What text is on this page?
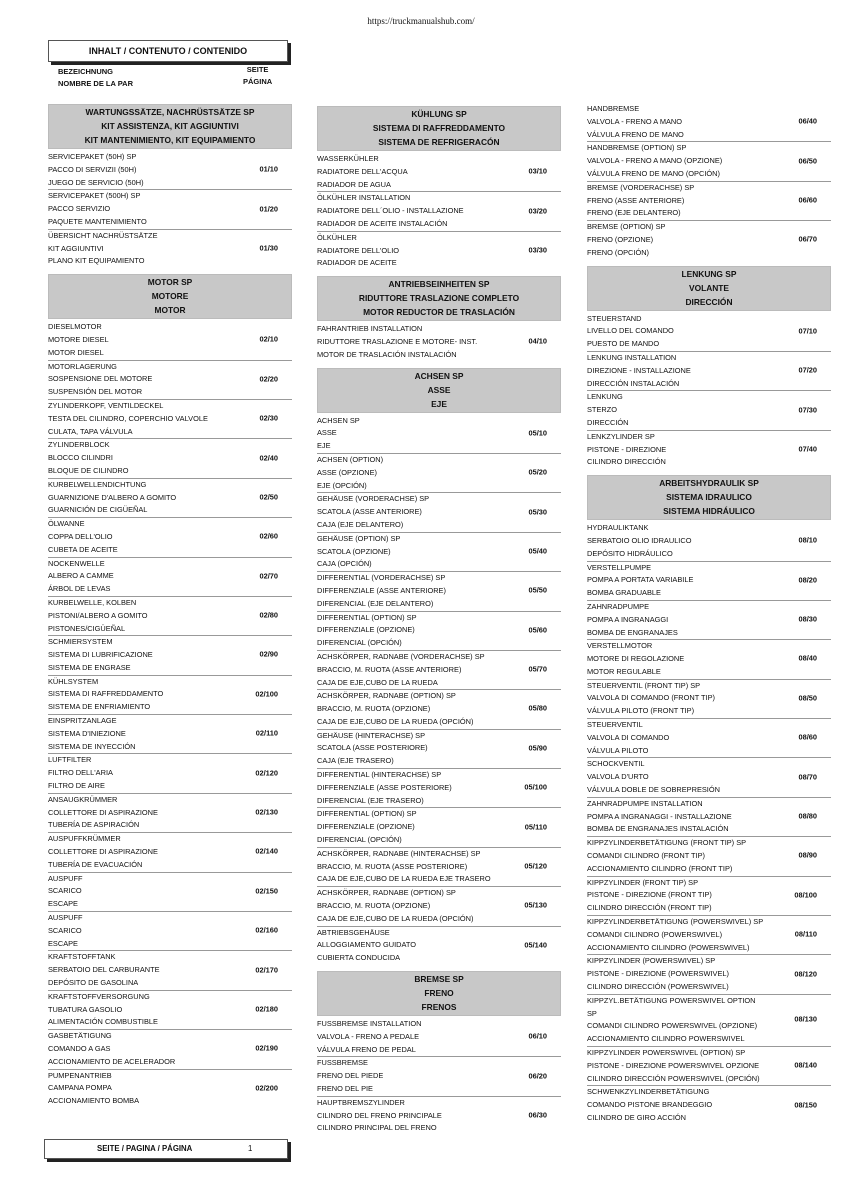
https://truckmanualshub.com/
INHALT / CONTENUTO / CONTENIDO
BEZEICHNUNG
NOMBRE DE LA PAR
SEITE
PÁGINA
WARTUNGSSÄTZE, NACHRÜSTSÄTZE SP
KIT ASSISTENZA, KIT AGGIUNTIVI
KIT MANTENIMIENTO, KIT EQUIPAMIENTO
SERVICEPAKET (50H) SP
PACCO DI SERVIZII (50H)
JUEGO DE SERVICIO (50H)
01/10
SERVICEPAKET (500H) SP
PACCO SERVIZIO
PAQUETE MANTENIMIENTO
01/20
ÜBERSICHT NACHRÜSTSÄTZE
KIT AGGIUNTIVI
PLANO KIT EQUIPAMIENTO
01/30
MOTOR SP
MOTORE
MOTOR
DIESELMOTOR
MOTORE DIESEL
MOTOR DIESEL
02/10
MOTORLAGERUNG
SOSPENSIONE DEL MOTORE
SUSPENSIÓN DEL MOTOR
02/20
ZYLINDERKOPF, VENTILDECKEL
TESTA DEL CILINDRO, COPERCHIO VALVOLE
CULATA, TAPA VÁLVULA
02/30
ZYLINDERBLOCK
BLOCCO CILINDRI
BLOQUE DE CILINDRO
02/40
KURBELWELLENDICHTUNG
GUARNIZIONE D'ALBERO A GOMITO
GUARNICIÓN DE CIGÜEÑAL
02/50
ÖLWANNE
COPPA DELL'OLIO
CUBETA DE ACEITE
02/60
NOCKENWELLE
ALBERO A CAMME
ÁRBOL DE LEVAS
02/70
KURBELWELLE, KOLBEN
PISTONI/ALBERO A GOMITO
PISTONES/CIGÜEÑAL
02/80
SCHMIERSYSTEM
SISTEMA DI LUBRIFICAZIONE
SISTEMA DE ENGRASE
02/90
KÜHLSYSTEM
SISTEMA DI RAFFREDDAMENTO
SISTEMA DE ENFRIAMIENTO
02/100
EINSPRITZANLAGE
SISTEMA D'INIEZIONE
SISTEMA DE INYECCIÓN
02/110
LUFTFILTER
FILTRO DELL'ARIA
FILTRO DE AIRE
02/120
ANSAUGKRÜMMER
COLLETTORE DI ASPIRAZIONE
TUBERÍA DE ASPIRACIÓN
02/130
AUSPUFFKRÜMMER
COLLETTORE DI ASPIRAZIONE
TUBERÍA DE EVACUACIÓN
02/140
AUSPUFF
SCARICO
ESCAPE
02/150
AUSPUFF
SCARICO
ESCAPE
02/160
KRAFTSTOFFTANK
SERBATOIO DEL CARBURANTE
DEPÓSITO DE GASOLINA
02/170
KRAFTSTOFFVERSORGUNG
TUBATURA GASOLIO
ALIMENTACIÓN COMBUSTIBLE
02/180
GASBETÄTIGUNG
COMANDO A GAS
ACCIONAMIENTO DE ACELERADOR
02/190
PUMPENANTRIEB
CAMPANA POMPA
ACCIONAMIENTO BOMBA
02/200
KÜHLUNG SP
SISTEMA DI RAFFREDDAMENTO
SISTEMA DE REFRIGERACÓN
WASSERKÜHLER
RADIATORE DELL'ACQUA
RADIADOR DE AGUA
03/10
ÖLKÜHLER INSTALLATION
RADIATORE DELL´OLIO - INSTALLAZIONE
RADIADOR DE ACEITE INSTALACIÓN
03/20
ÖLKÜHLER
RADIATORE DELL'OLIO
RADIADOR DE ACEITE
03/30
ANTRIEBSEINHEITEN SP
RIDUTTORE TRASLAZIONE COMPLETO
MOTOR REDUCTOR DE TRASLACIÓN
FAHRANTRIEB INSTALLATION
RIDUTTORE TRASLAZIONE E MOTORE- INST.
MOTOR DE TRASLACIÓN INSTALACIÓN
04/10
ACHSEN SP
ASSE
EJE
ACHSEN SP
ASSE
EJE
05/10
ACHSEN (OPTION)
ASSE (OPZIONE)
EJE (OPCIÓN)
05/20
GEHÄUSE (VORDERACHSE) SP
SCATOLA (ASSE ANTERIORE)
CAJA (EJE DELANTERO)
05/30
GEHÄUSE (OPTION) SP
SCATOLA (OPZIONE)
CAJA (OPCIÓN)
05/40
DIFFERENTIAL (VORDERACHSE) SP
DIFFERENZIALE (ASSE ANTERIORE)
DIFERENCIAL (EJE DELANTERO)
05/50
DIFFERENTIAL (OPTION) SP
DIFFERENZIALE (OPZIONE)
DIFERENCIAL (OPCIÓN)
05/60
ACHSKÖRPER, RADNABE (VORDERACHSE) SP
BRACCIO, M. RUOTA (ASSE ANTERIORE)
CAJA DE EJE,CUBO DE LA RUEDA
05/70
ACHSKÖRPER, RADNABE (OPTION) SP
BRACCIO, M. RUOTA (OPZIONE)
CAJA DE EJE,CUBO DE LA RUEDA (OPCIÓN)
05/80
GEHÄUSE (HINTERACHSE) SP
SCATOLA (ASSE POSTERIORE)
CAJA (EJE TRASERO)
05/90
DIFFERENTIAL (HINTERACHSE) SP
DIFFERENZIALE (ASSE POSTERIORE)
DIFERENCIAL (EJE TRASERO)
05/100
DIFFERENTIAL (OPTION) SP
DIFFERENZIALE (OPZIONE)
DIFERENCIAL (OPCIÓN)
05/110
ACHSKÖRPER, RADNABE (HINTERACHSE) SP
BRACCIO, M. RUOTA (ASSE POSTERIORE)
CAJA DE EJE,CUBO DE LA RUEDA EJE TRASERO
05/120
ACHSKÖRPER, RADNABE (OPTION) SP
BRACCIO, M. RUOTA (OPZIONE)
CAJA DE EJE,CUBO DE LA RUEDA (OPCIÓN)
05/130
ABTRIEBSGEHÄUSE
ALLOGGIAMENTO GUIDATO
CUBIERTA CONDUCIDA
05/140
BREMSE SP
FRENO
FRENOS
FUSSBREMSE INSTALLATION
VALVOLA - FRENO A PEDALE
VÁLVULA FRENO DE PEDAL
06/10
FUSSBREMSE
FRENO DEL PIEDE
FRENO DEL PIE
06/20
HAUPTBREMSZYLINDER
CILINDRO DEL FRENO PRINCIPALE
CILINDRO PRINCIPAL DEL FRENO
06/30
HANDBREMSE
VALVOLA - FRENO A MANO
VÁLVULA FRENO DE MANO
06/40
HANDBREMSE (OPTION) SP
VALVOLA - FRENO A MANO (OPZIONE)
VÁLVULA FRENO DE MANO (OPCIÓN)
06/50
BREMSE (VORDERACHSE) SP
FRENO (ASSE ANTERIORE)
FRENO (EJE DELANTERO)
06/60
BREMSE (OPTION) SP
FRENO (OPZIONE)
FRENO (OPCIÓN)
06/70
LENKUNG SP
VOLANTE
DIRECCIÓN
STEUERSTAND
LIVELLO DEL COMANDO
PUESTO DE MANDO
07/10
LENKUNG INSTALLATION
DIREZIONE - INSTALLAZIONE
DIRECCIÓN INSTALACIÓN
07/20
LENKUNG
STERZO
DIRECCIÓN
07/30
LENKZYLINDER SP
PISTONE - DIREZIONE
CILINDRO DIRECCIÓN
07/40
ARBEITSHYDRAULIK SP
SISTEMA IDRAULICO
SISTEMA HIDRÁULICO
HYDRAULIKTANK
SERBATOIO OLIO IDRAULICO
DEPÓSITO HIDRÁULICO
08/10
VERSTELLPUMPE
POMPA A PORTATA VARIABILE
BOMBA GRADUABLE
08/20
ZAHNRADPUMPE
POMPA A INGRANAGGI
BOMBA DE ENGRANAJES
08/30
VERSTELLMOTOR
MOTORE DI REGOLAZIONE
MOTOR REGULABLE
08/40
STEUERVENTIL (FRONT TIP) SP
VALVOLA DI COMANDO (FRONT TIP)
VÁLVULA PILOTO (FRONT TIP)
08/50
STEUERVENTIL
VALVOLA DI COMANDO
VÁLVULA PILOTO
08/60
SCHOCKVENTIL
VALVOLA D'URTO
VÁLVULA DOBLE DE SOBREPRESIÓN
08/70
ZAHNRADPUMPE INSTALLATION
POMPA A INGRANAGGI - INSTALLAZIONE
BOMBA DE ENGRANAJES INSTALACIÓN
08/80
KIPPZYLINDERBETÄTIGUNG (FRONT TIP) SP
COMANDI CILINDRO (FRONT TIP)
ACCIONAMIENTO CILINDRO (FRONT TIP)
08/90
KIPPZYLINDER (FRONT TIP) SP
PISTONE - DIREZIONE (FRONT TIP)
CILINDRO DIRECCIÓN (FRONT TIP)
08/100
KIPPZYLINDERBETÄTIGUNG (POWERSWIVEL) SP
COMANDI CILINDRO (POWERSWIVEL)
ACCIONAMIENTO CILINDRO (POWERSWIVEL)
08/110
KIPPZYLINDER (POWERSWIVEL) SP
PISTONE - DIREZIONE (POWERSWIVEL)
CILINDRO DIRECCIÓN (POWERSWIVEL)
08/120
KIPPZYL.BETÄTIGUNG POWERSWIVEL OPTION
SP
COMANDI CILINDRO POWERSWIVEL (OPZIONE)
ACCIONAMIENTO CILINDRO POWERSWIVEL
08/130
KIPPZYLINDER POWERSWIVEL (OPTION) SP
PISTONE - DIREZIONE POWERSWIVEL OPZIONE
CILINDRO DIRECCIÓN POWERSWIVEL (OPCIÓN)
08/140
SCHWENKZYLINDERBETÄTIGUNG
COMANDO PISTONE BRANDEGGIO
CILINDRO DE GIRO ACCIÓN
08/150
SEITE / PAGINA / PÁGINA	1
